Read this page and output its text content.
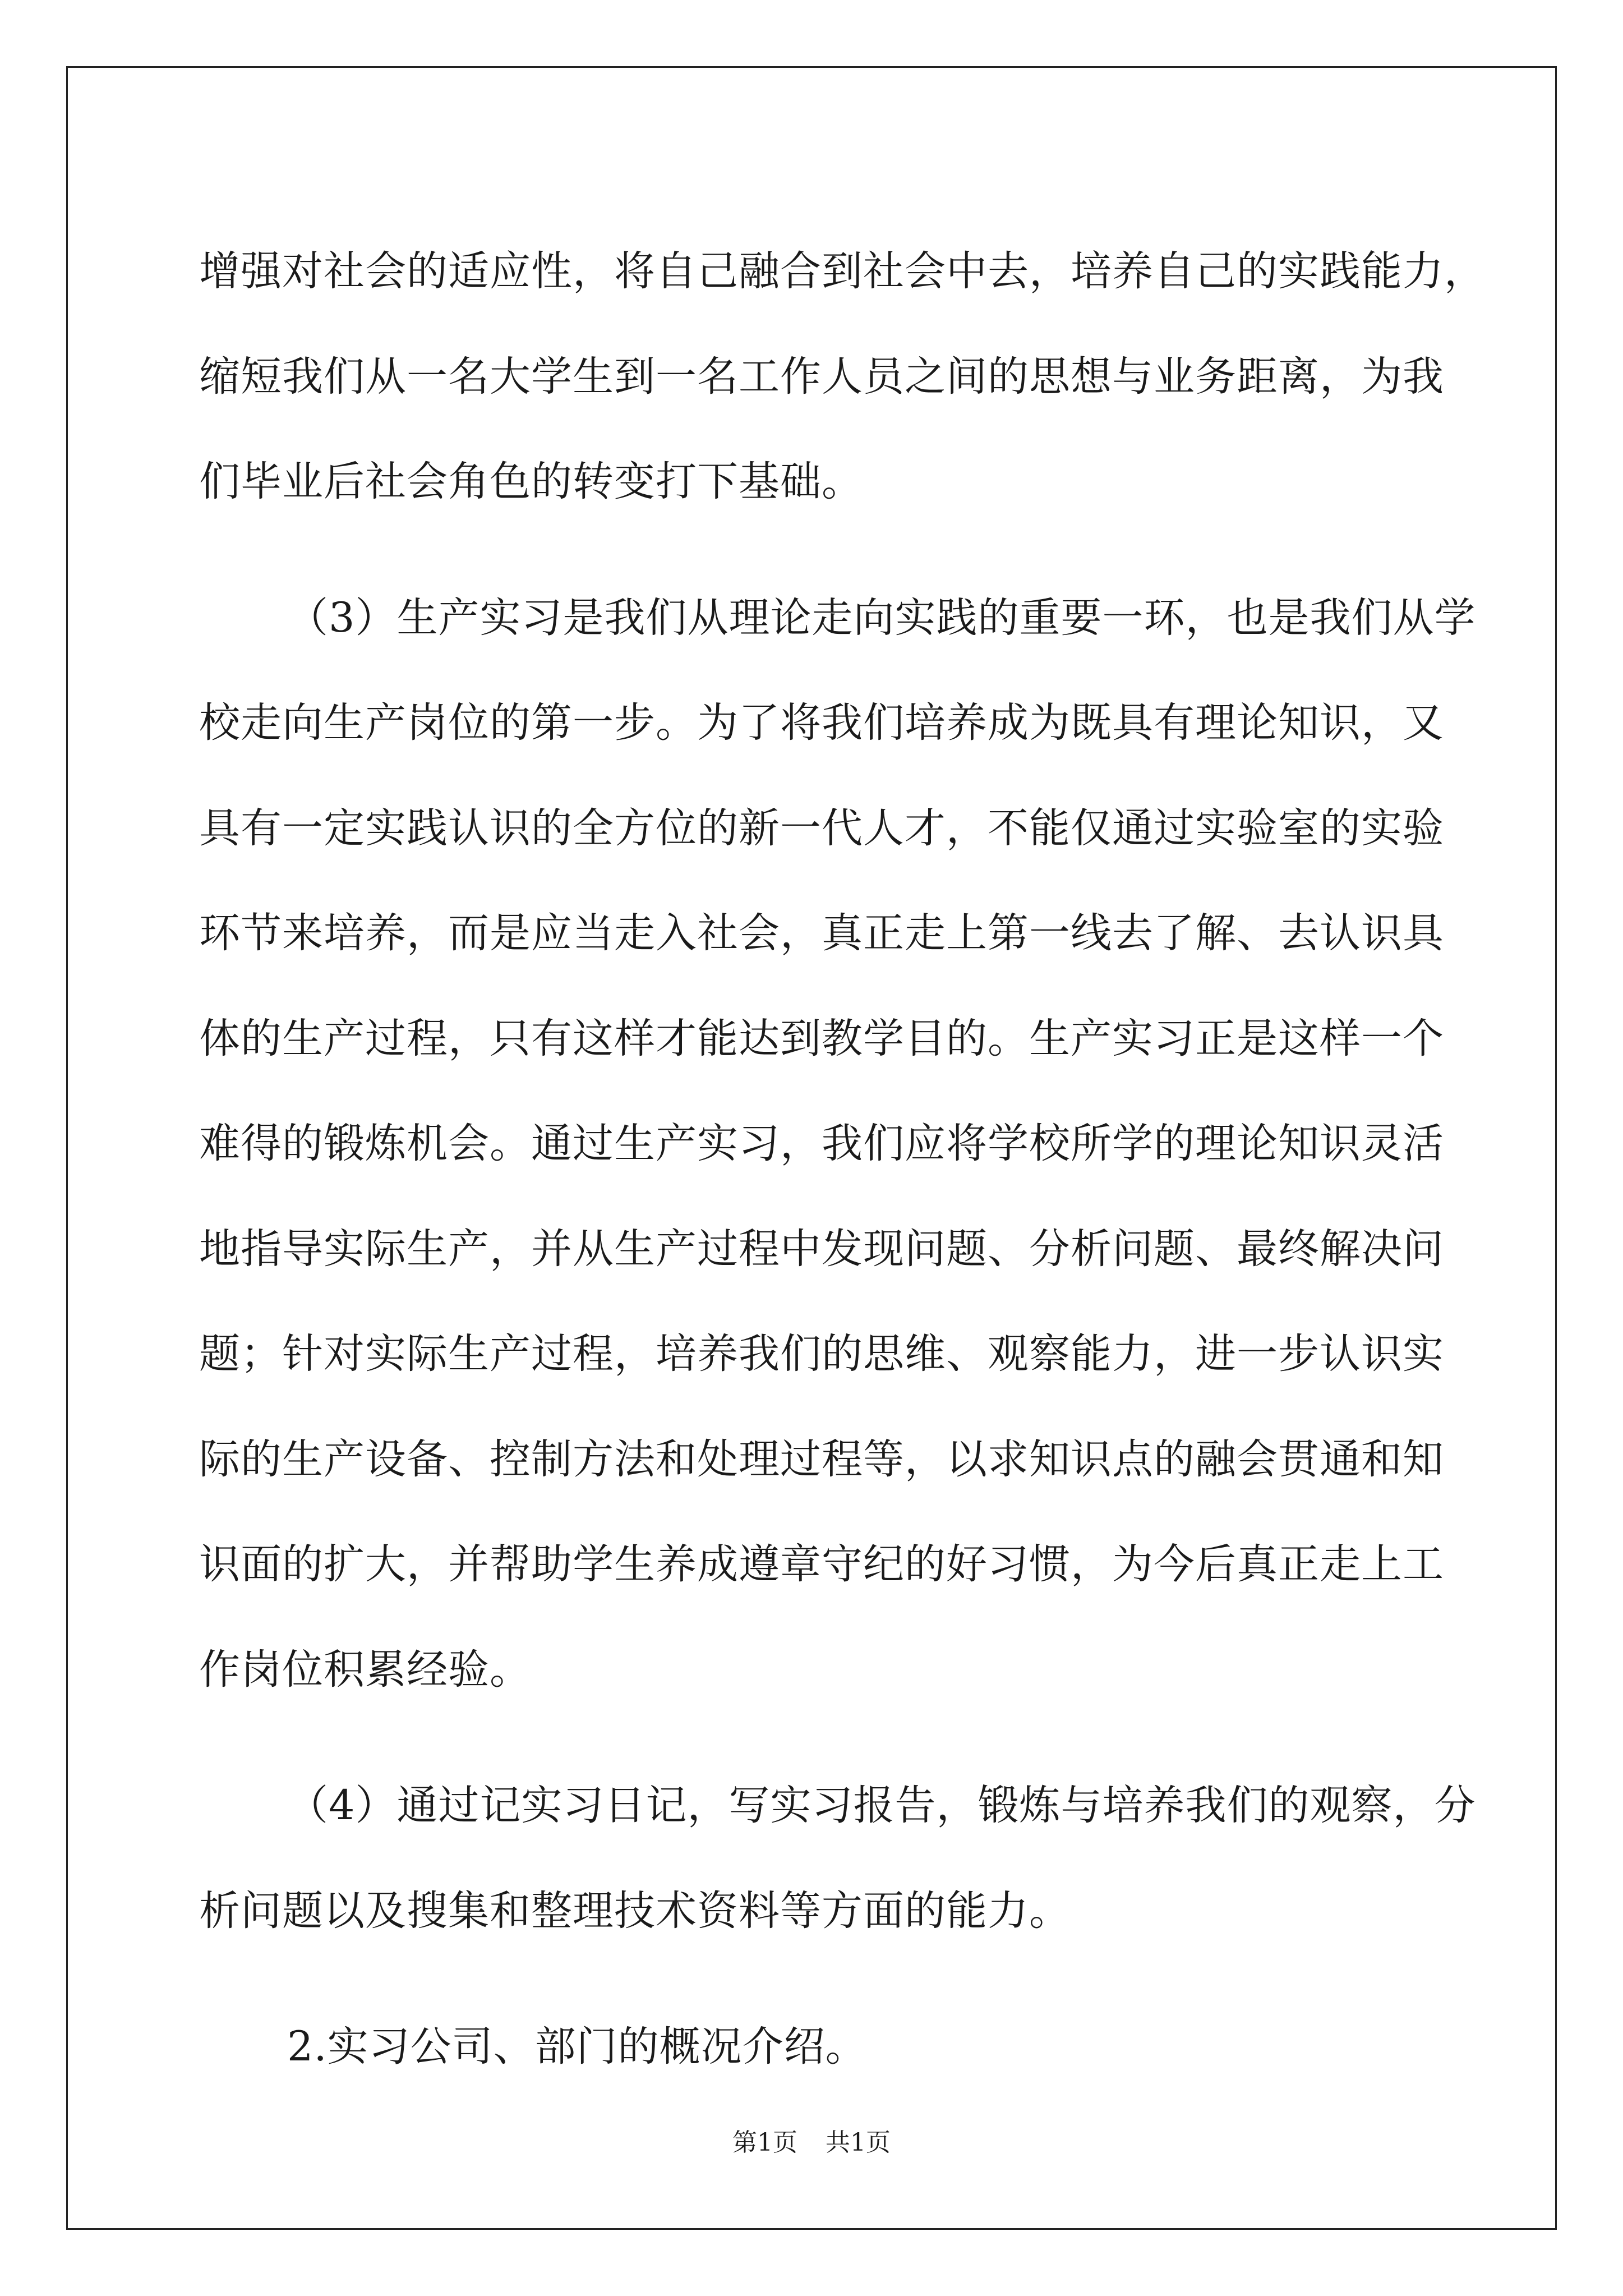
增强对社会的适应性，将自己融合到社会中去，培养自己的实践能力，
缩短我们从一名大学生到一名工作人员之间的思想与业务距离，为我
们毕业后社会角色的转变打下基础。
（3）生产实习是我们从理论走向实践的重要一环，也是我们从学
校走向生产岗位的第一步。为了将我们培养成为既具有理论知识，又
具有一定实践认识的全方位的新一代人才，不能仅通过实验室的实验
环节来培养，而是应当走入社会，真正走上第一线去了解、去认识具
体的生产过程，只有这样才能达到教学目的。生产实习正是这样一个
难得的锻炼机会。通过生产实习，我们应将学校所学的理论知识灵活
地指导实际生产，并从生产过程中发现问题、分析问题、最终解决问
题；针对实际生产过程，培养我们的思维、观察能力，进一步认识实
际的生产设备、控制方法和处理过程等，以求知识点的融会贯通和知
识面的扩大，并帮助学生养成遵章守纪的好习惯，为今后真正走上工
作岗位积累经验。
（4）通过记实习日记，写实习报告，锻炼与培养我们的观察，分
析问题以及搜集和整理技术资料等方面的能力。
2.实习公司、部门的概况介绍。
第1页 共1页
